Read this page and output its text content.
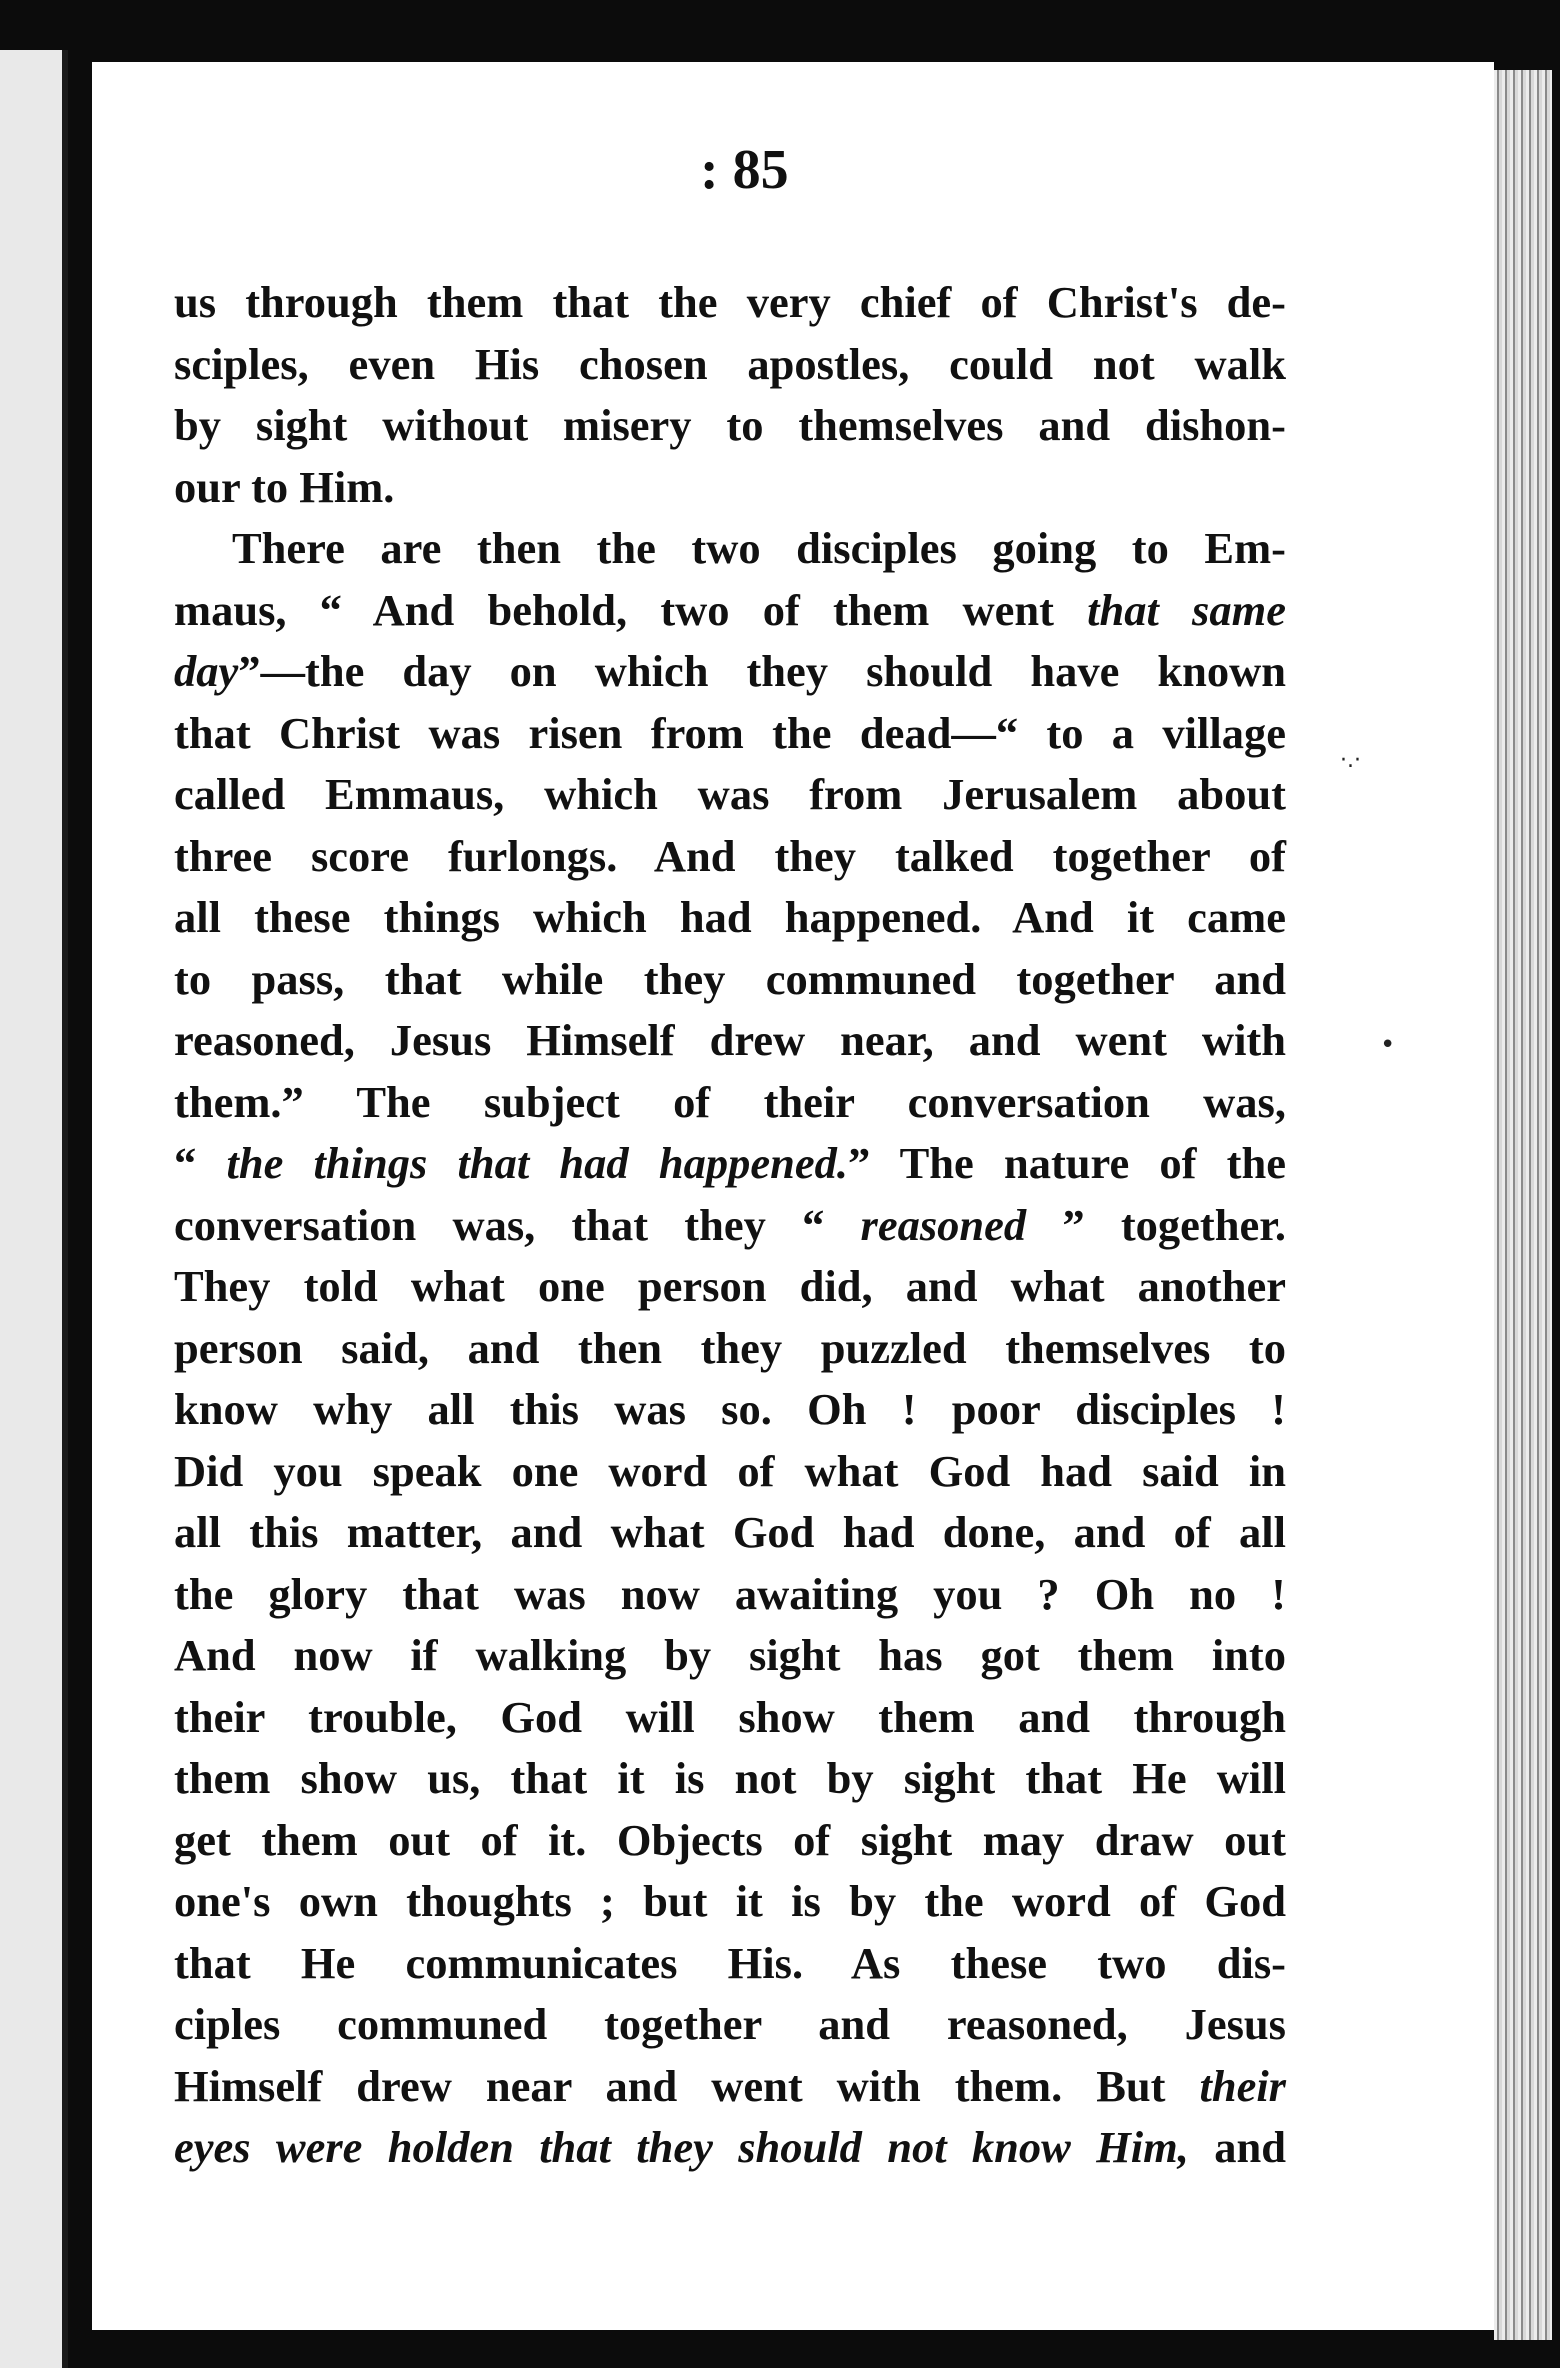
: 85
us through them that the very chief of Christ's de-
sciples, even His chosen apostles, could not walk
by sight without misery to themselves and dishon-
our to Him.
There are then the two disciples going to Em-
maus, “ And behold, two of them went that same
day”—the day on which they should have known
that Christ was risen from the dead—“ to a village
called Emmaus, which was from Jerusalem about
three score furlongs. And they talked together of
all these things which had happened. And it came
to pass, that while they communed together and
reasoned, Jesus Himself drew near, and went with
them.” The subject of their conversation was,
“ the things that had happened.” The nature of the
conversation was, that they “ reasoned ” together.
They told what one person did, and what another
person said, and then they puzzled themselves to
know why all this was so. Oh ! poor disciples !
Did you speak one word of what God had said in
all this matter, and what God had done, and of all
the glory that was now awaiting you ? Oh no !
And now if walking by sight has got them into
their trouble, God will show them and through
them show us, that it is not by sight that He will
get them out of it. Objects of sight may draw out
one's own thoughts ; but it is by the word of God
that He communicates His. As these two dis-
ciples communed together and reasoned, Jesus
Himself drew near and went with them. But their
eyes were holden that they should not know Him, and
•
·.·
